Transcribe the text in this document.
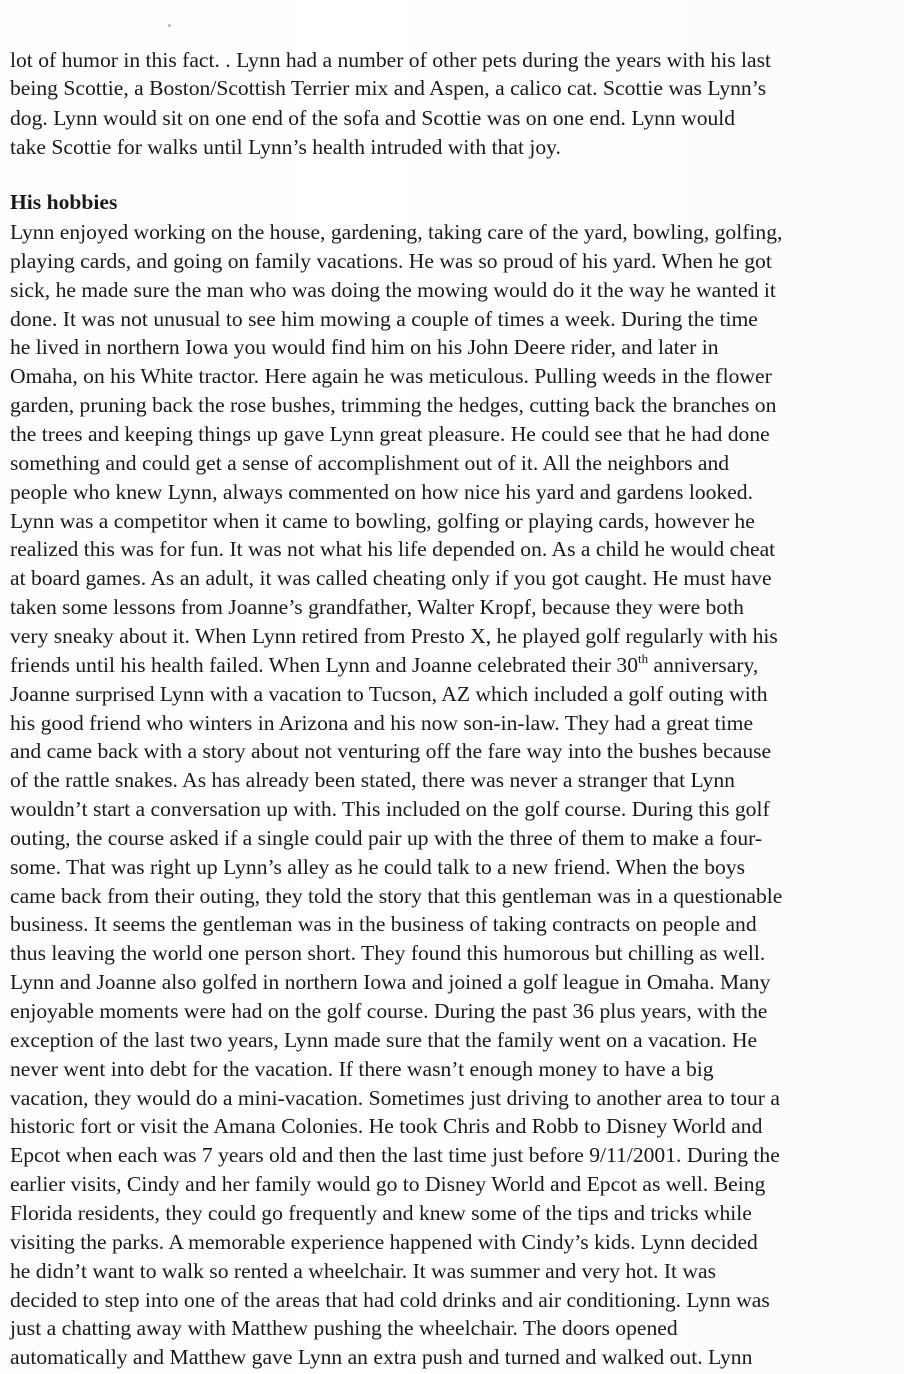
lot of humor in this fact. . Lynn had a number of other pets during the years with his last
being Scottie, a Boston/Scottish Terrier mix and Aspen, a calico cat. Scottie was Lynn’s
dog. Lynn would sit on one end of the sofa and Scottie was on one end. Lynn would
take Scottie for walks until Lynn’s health intruded with that joy.
His hobbies
Lynn enjoyed working on the house, gardening, taking care of the yard, bowling, golfing,
playing cards, and going on family vacations. He was so proud of his yard. When he got
sick, he made sure the man who was doing the mowing would do it the way he wanted it
done. It was not unusual to see him mowing a couple of times a week. During the time
he lived in northern Iowa you would find him on his John Deere rider, and later in
Omaha, on his White tractor. Here again he was meticulous. Pulling weeds in the flower
garden, pruning back the rose bushes, trimming the hedges, cutting back the branches on
the trees and keeping things up gave Lynn great pleasure. He could see that he had done
something and could get a sense of accomplishment out of it. All the neighbors and
people who knew Lynn, always commented on how nice his yard and gardens looked.
Lynn was a competitor when it came to bowling, golfing or playing cards, however he
realized this was for fun. It was not what his life depended on. As a child he would cheat
at board games. As an adult, it was called cheating only if you got caught. He must have
taken some lessons from Joanne’s grandfather, Walter Kropf, because they were both
very sneaky about it. When Lynn retired from Presto X, he played golf regularly with his
friends until his health failed. When Lynn and Joanne celebrated their 30th anniversary,
Joanne surprised Lynn with a vacation to Tucson, AZ which included a golf outing with
his good friend who winters in Arizona and his now son-in-law. They had a great time
and came back with a story about not venturing off the fare way into the bushes because
of the rattle snakes. As has already been stated, there was never a stranger that Lynn
wouldn’t start a conversation up with. This included on the golf course. During this golf
outing, the course asked if a single could pair up with the three of them to make a four-
some. That was right up Lynn’s alley as he could talk to a new friend. When the boys
came back from their outing, they told the story that this gentleman was in a questionable
business. It seems the gentleman was in the business of taking contracts on people and
thus leaving the world one person short. They found this humorous but chilling as well.
Lynn and Joanne also golfed in northern Iowa and joined a golf league in Omaha. Many
enjoyable moments were had on the golf course. During the past 36 plus years, with the
exception of the last two years, Lynn made sure that the family went on a vacation. He
never went into debt for the vacation. If there wasn’t enough money to have a big
vacation, they would do a mini-vacation. Sometimes just driving to another area to tour a
historic fort or visit the Amana Colonies. He took Chris and Robb to Disney World and
Epcot when each was 7 years old and then the last time just before 9/11/2001. During the
earlier visits, Cindy and her family would go to Disney World and Epcot as well. Being
Florida residents, they could go frequently and knew some of the tips and tricks while
visiting the parks. A memorable experience happened with Cindy’s kids. Lynn decided
he didn’t want to walk so rented a wheelchair. It was summer and very hot. It was
decided to step into one of the areas that had cold drinks and air conditioning. Lynn was
just a chatting away with Matthew pushing the wheelchair. The doors opened
automatically and Matthew gave Lynn an extra push and turned and walked out. Lynn
